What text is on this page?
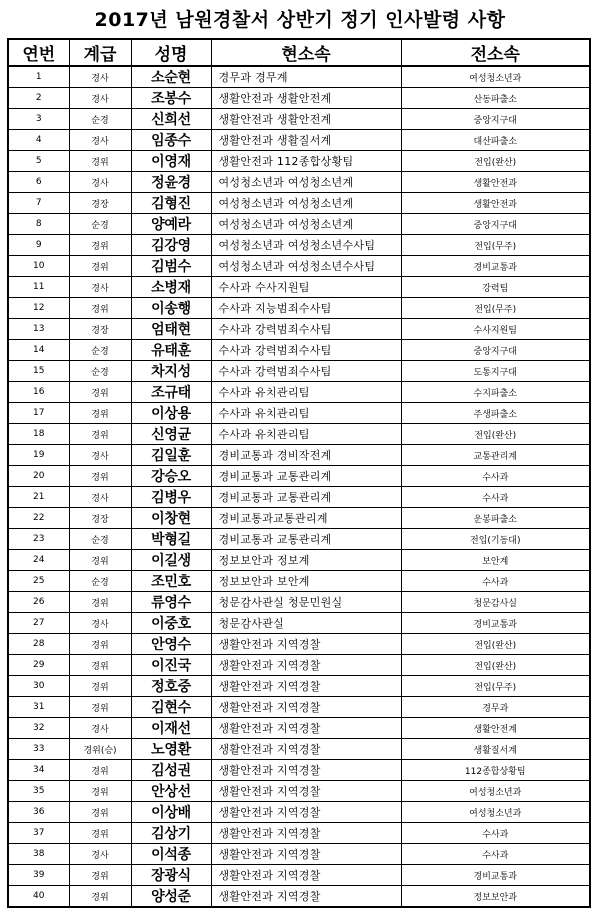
2017년 남원경찰서 상반기 정기 인사발령 사항
연번	계급	성명	현소속	전소속
1	경사	소순현	경무과 경무계	여성청소년과
2	경사	조봉수	생활안전과 생활안전계	산동파출소
3	순경	신희선	생활안전과 생활안전계	중앙지구대
4	경사	임종수	생활안전과 생활질서계	대산파출소
5	경위	이영재	생활안전과 112종합상황팀	전입(완산)
6	경사	정윤경	여성청소년과 여성청소년계	생활안전과
7	경장	김형진	여성청소년과 여성청소년계	생활안전과
8	순경	양예라	여성청소년과 여성청소년계	중앙지구대
9	경위	김강영	여성청소년과 여성청소년수사팀	전입(무주)
10	경위	김범수	여성청소년과 여성청소년수사팀	경비교통과
11	경사	소병재	수사과 수사지원팀	강력팀
12	경위	이송행	수사과 지능범죄수사팀	전입(무주)
13	경장	엄태현	수사과 강력범죄수사팀	수사지원팀
14	순경	유태훈	수사과 강력범죄수사팀	중앙지구대
15	순경	차지성	수사과 강력범죄수사팀	도통지구대
16	경위	조규태	수사과 유치관리팀	수지파출소
17	경위	이상용	수사과 유치관리팀	주생파출소
18	경위	신영균	수사과 유치관리팀	전입(완산)
19	경사	김일훈	경비교통과 경비작전계	교통관리계
20	경위	강승오	경비교통과 교통관리계	수사과
21	경사	김병우	경비교통과 교통관리계	수사과
22	경장	이창현	경비교통과교통관리계	운봉파출소
23	순경	박형길	경비교통과 교통관리계	전입(기동대)
24	경위	이길생	정보보안과 정보계	보안계
25	순경	조민호	정보보안과 보안계	수사과
26	경위	류영수	청문감사관실 청문민원실	청문감사실
27	경사	이중호	청문감사관실	경비교통과
28	경위	안영수	생활안전과 지역경찰	전입(완산)
29	경위	이진국	생활안전과 지역경찰	전입(완산)
30	경위	정호중	생활안전과 지역경찰	전입(무주)
31	경위	김현수	생활안전과 지역경찰	경무과
32	경사	이재선	생활안전과 지역경찰	생활안전계
33	경위(승)	노영환	생활안전과 지역경찰	생활질서계
34	경위	김성권	생활안전과 지역경찰	112종합상황팀
35	경위	안상선	생활안전과 지역경찰	여성청소년과
36	경위	이상배	생활안전과 지역경찰	여성청소년과
37	경위	김상기	생활안전과 지역경찰	수사과
38	경사	이석종	생활안전과 지역경찰	수사과
39	경위	장광식	생활안전과 지역경찰	경비교통과
40	경위	양성준	생활안전과 지역경찰	정보보안과
